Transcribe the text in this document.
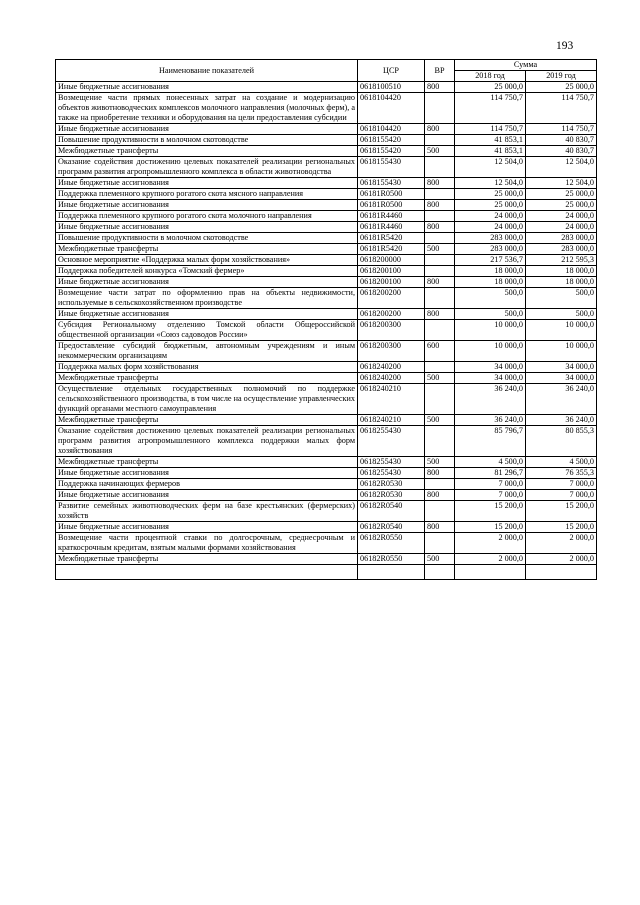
193
Наименование показателей	ЦСР	ВР	Сумма	
			2018 год	2019 год
Иные бюджетные ассигнования	0618100510	800	25 000,0	25 000,0
Возмещение части прямых понесенных затрат на создание и модернизацию объектов животноводческих комплексов молочного направления (молочных ферм), а также на приобретение техники и оборудования на цели предоставления субсидии	0618104420		114 750,7	114 750,7
Иные бюджетные ассигнования	0618104420	800	114 750,7	114 750,7
Повышение продуктивности в молочном скотоводстве	0618155420		41 853,1	40 830,7
Межбюджетные трансферты	0618155420	500	41 853,1	40 830,7
Оказание содействия достижению целевых показателей реализации региональных программ развития агропромышленного комплекса в области животноводства	0618155430		12 504,0	12 504,0
Иные бюджетные ассигнования	0618155430	800	12 504,0	12 504,0
Поддержка племенного крупного рогатого скота мясного направления	06181R0500		25 000,0	25 000,0
Иные бюджетные ассигнования	06181R0500	800	25 000,0	25 000,0
Поддержка племенного крупного рогатого скота молочного направления	06181R4460		24 000,0	24 000,0
Иные бюджетные ассигнования	06181R4460	800	24 000,0	24 000,0
Повышение продуктивности в молочном скотоводстве	06181R5420		283 000,0	283 000,0
Межбюджетные трансферты	06181R5420	500	283 000,0	283 000,0
Основное мероприятие «Поддержка малых форм хозяйствования»	0618200000		217 536,7	212 595,3
Поддержка победителей конкурса «Томский фермер»	0618200100		18 000,0	18 000,0
Иные бюджетные ассигнования	0618200100	800	18 000,0	18 000,0
Возмещение части затрат по оформлению прав на объекты недвижимости, используемые в сельскохозяйственном производстве	0618200200		500,0	500,0
Иные бюджетные ассигнования	0618200200	800	500,0	500,0
Субсидия Региональному отделению Томской области Общероссийской общественной организации «Союз садоводов России»	0618200300		10 000,0	10 000,0
Предоставление субсидий бюджетным, автономным учреждениям и иным некоммерческим организациям	0618200300	600	10 000,0	10 000,0
Поддержка малых форм хозяйствования	0618240200		34 000,0	34 000,0
Межбюджетные трансферты	0618240200	500	34 000,0	34 000,0
Осуществление отдельных государственных полномочий по поддержке сельскохозяйственного производства, в том числе на осуществление управленческих функций органами местного самоуправления	0618240210		36 240,0	36 240,0
Межбюджетные трансферты	0618240210	500	36 240,0	36 240,0
Оказание содействия достижению целевых показателей реализации региональных программ развития агропромышленного комплекса поддержки малых форм хозяйствования	0618255430		85 796,7	80 855,3
Межбюджетные трансферты	0618255430	500	4 500,0	4 500,0
Иные бюджетные ассигнования	0618255430	800	81 296,7	76 355,3
Поддержка начинающих фермеров	06182R0530		7 000,0	7 000,0
Иные бюджетные ассигнования	06182R0530	800	7 000,0	7 000,0
Развитие семейных животноводческих ферм на базе крестьянских (фермерских) хозяйств	06182R0540		15 200,0	15 200,0
Иные бюджетные ассигнования	06182R0540	800	15 200,0	15 200,0
Возмещение части процентной ставки по долгосрочным, среднесрочным и краткосрочным кредитам, взятым малыми формами хозяйствования	06182R0550		2 000,0	2 000,0
Межбюджетные трансферты	06182R0550	500	2 000,0	2 000,0
